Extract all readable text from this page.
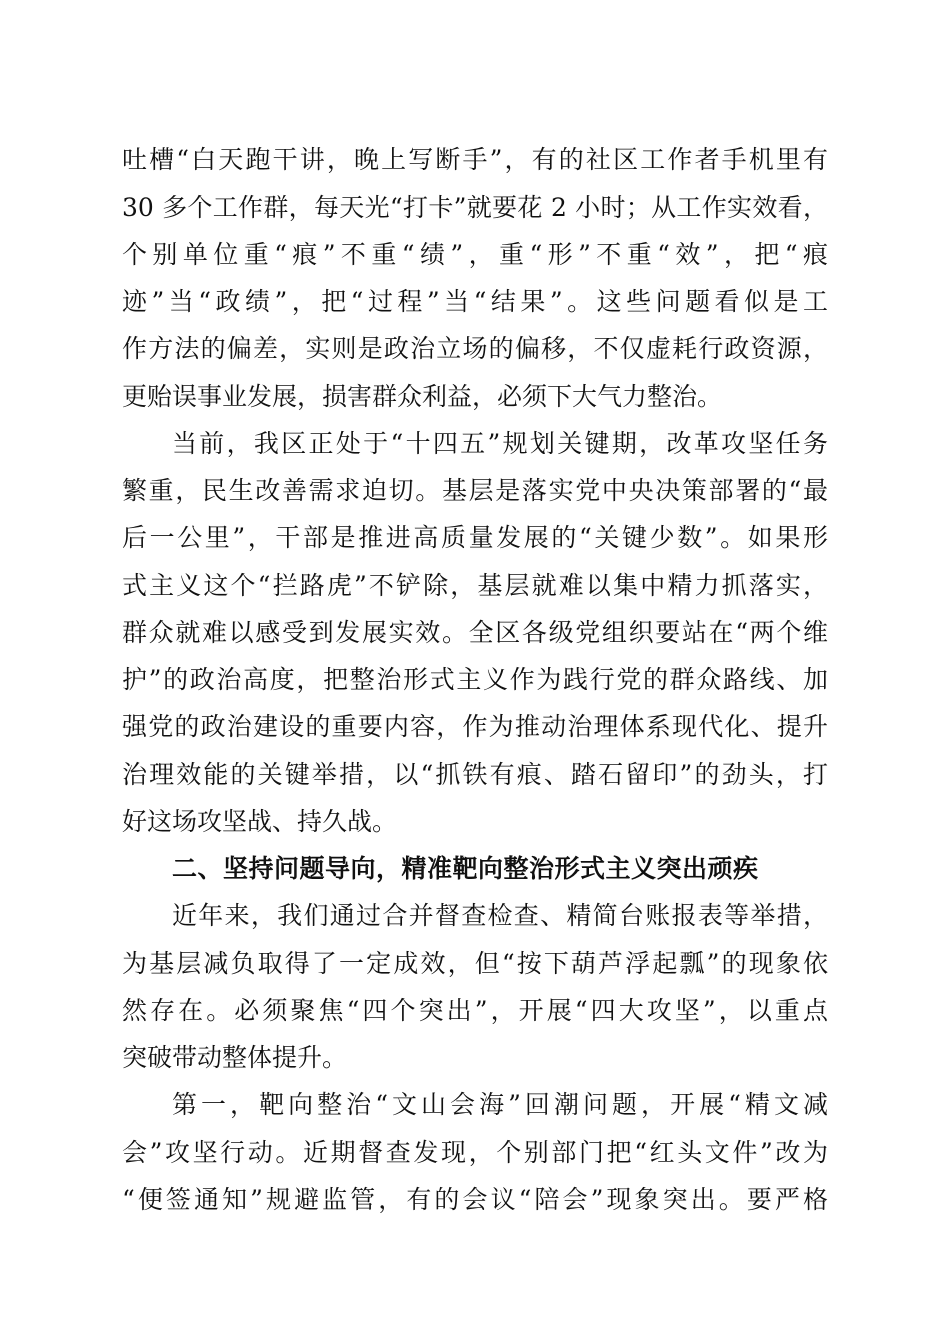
吐槽“白天跑干讲，晚上写断手”，有的社区工作者手机里有
30 多个工作群，每天光“打卡”就要花 2 小时；从工作实效看，
个别单位重“痕”不重“绩”，重“形”不重“效”，把“痕
迹”当“政绩”，把“过程”当“结果”。这些问题看似是工
作方法的偏差，实则是政治立场的偏移，不仅虚耗行政资源，
更贻误事业发展，损害群众利益，必须下大气力整治。
当前，我区正处于“十四五”规划关键期，改革攻坚任务
繁重，民生改善需求迫切。基层是落实党中央决策部署的“最
后一公里”，干部是推进高质量发展的“关键少数”。如果形
式主义这个“拦路虎”不铲除，基层就难以集中精力抓落实，
群众就难以感受到发展实效。全区各级党组织要站在“两个维
护”的政治高度，把整治形式主义作为践行党的群众路线、加
强党的政治建设的重要内容，作为推动治理体系现代化、提升
治理效能的关键举措，以“抓铁有痕、踏石留印”的劲头，打
好这场攻坚战、持久战。
二、坚持问题导向，精准靶向整治形式主义突出顽疾
近年来，我们通过合并督查检查、精简台账报表等举措，
为基层减负取得了一定成效，但“按下葫芦浮起瓢”的现象依
然存在。必须聚焦“四个突出”，开展“四大攻坚”，以重点
突破带动整体提升。
第一，靶向整治“文山会海”回潮问题，开展“精文减
会”攻坚行动。近期督查发现，个别部门把“红头文件”改为
“便签通知”规避监管，有的会议“陪会”现象突出。要严格
